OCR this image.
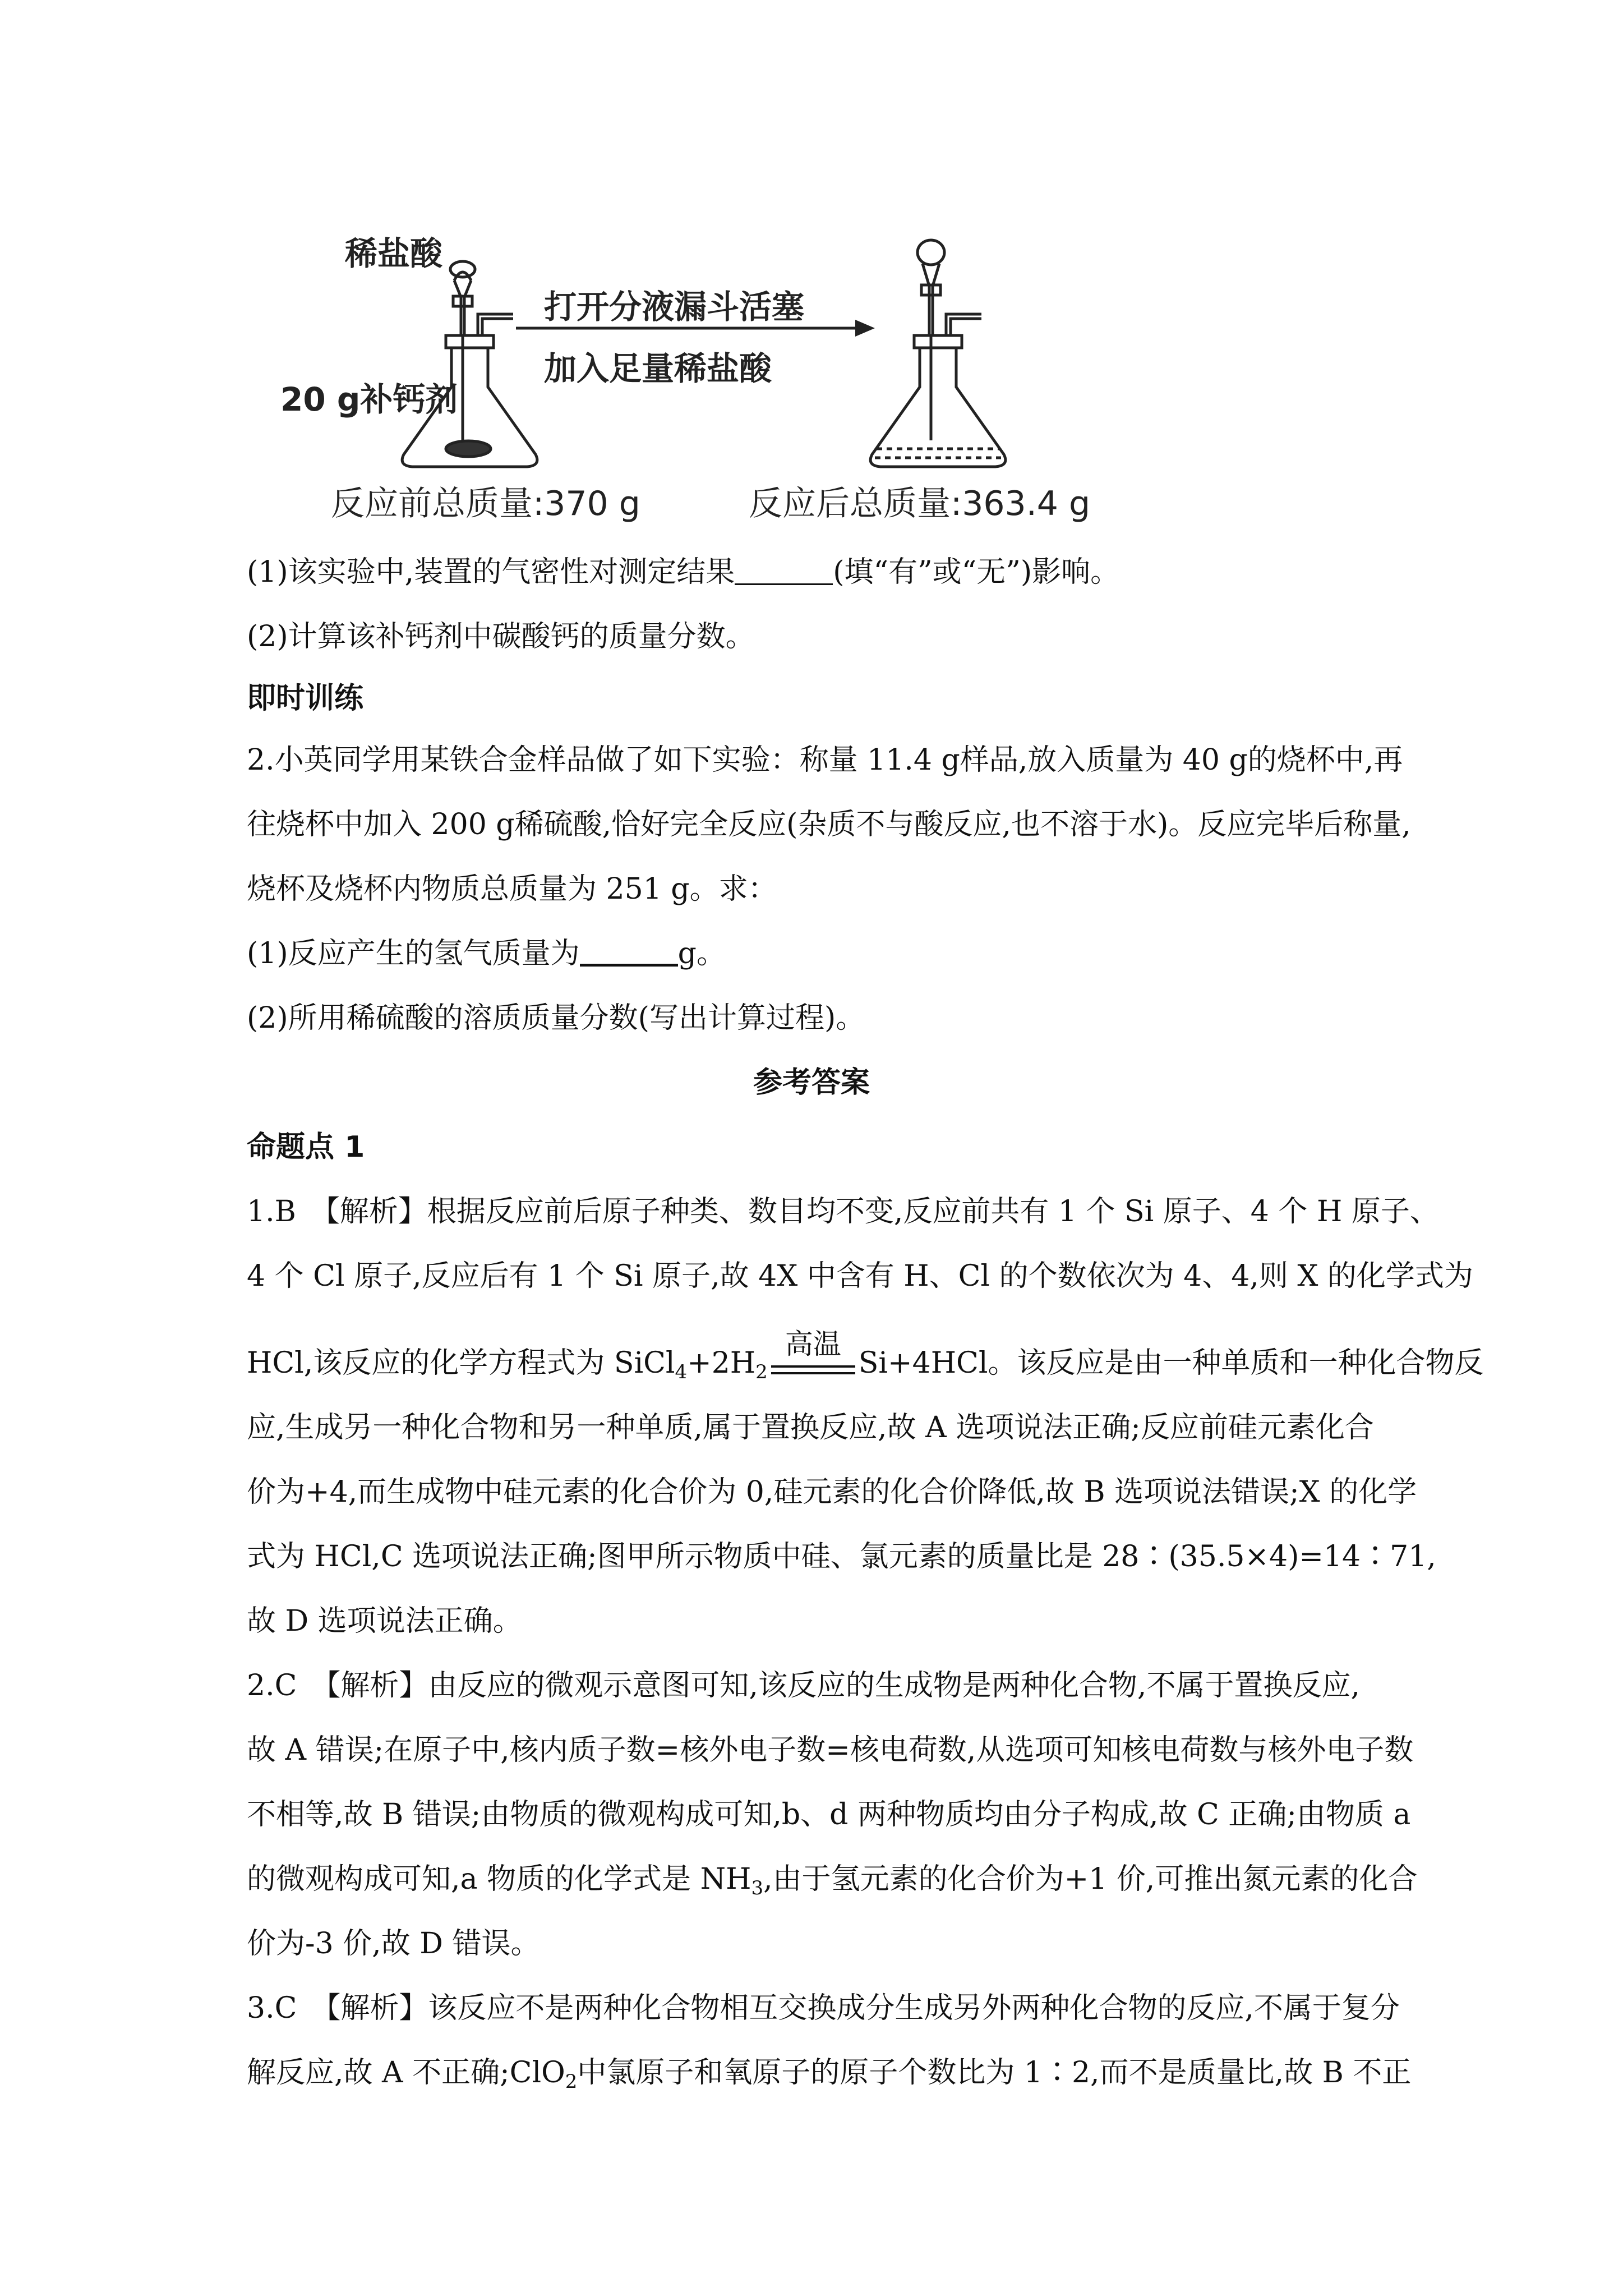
稀盐酸
20 g补钙剂
打开分液漏斗活塞
加入足量稀盐酸
反应前总质量:370 g	反应后总质量:363.4 g
(1)该实验中,装置的气密性对测定结果	(填“有”或“无”)影响。
(2)计算该补钙剂中碳酸钙的质量分数。
即时训练
2.小英同学用某铁合金样品做了如下实验：称量 11.4 g样品,放入质量为 40 g的烧杯中,再
往烧杯中加入 200 g稀硫酸,恰好完全反应(杂质不与酸反应,也不溶于水)。反应完毕后称量,
烧杯及烧杯内物质总质量为 251 g。求：
(1)反应产生的氢气质量为	g。
(2)所用稀硫酸的溶质质量分数(写出计算过程)。
参考答案
命题点 1
1.B　【解析】根据反应前后原子种类、数目均不变,反应前共有 1 个 Si 原子、4 个 H 原子、
4 个 Cl 原子,反应后有 1 个 Si 原子,故 4X 中含有 H、Cl 的个数依次为 4、4,则 X 的化学式为
HCl,该反应的化学方程式为 $SiCl_4+2H_2$
高温
Si+4HCl。该反应是由一种单质和一种化合物反
应,生成另一种化合物和另一种单质,属于置换反应,故 A 选项说法正确;反应前硅元素化合
价为+4,而生成物中硅元素的化合价为 0,硅元素的化合价降低,故 B 选项说法错误;X 的化学
式为 HCl,C 选项说法正确;图甲所示物质中硅、氯元素的质量比是 28∶(35.5×4)=14∶71,
故 D 选项说法正确。
2.C　【解析】由反应的微观示意图可知,该反应的生成物是两种化合物,不属于置换反应,
故 A 错误;在原子中,核内质子数=核外电子数=核电荷数,从选项可知核电荷数与核外电子数
不相等,故 B 错误;由物质的微观构成可知,b、d 两种物质均由分子构成,故 C 正确;由物质 a
的微观构成可知,a 物质的化学式是 $NH_3$,由于氢元素的化合价为+1 价,可推出氮元素的化合
价为-3 价,故 D 错误。
3.C　【解析】该反应不是两种化合物相互交换成分生成另外两种化合物的反应,不属于复分
解反应,故 A 不正确;ClO$_2$中氯原子和氧原子的原子个数比为 1∶2,而不是质量比,故 B 不正
